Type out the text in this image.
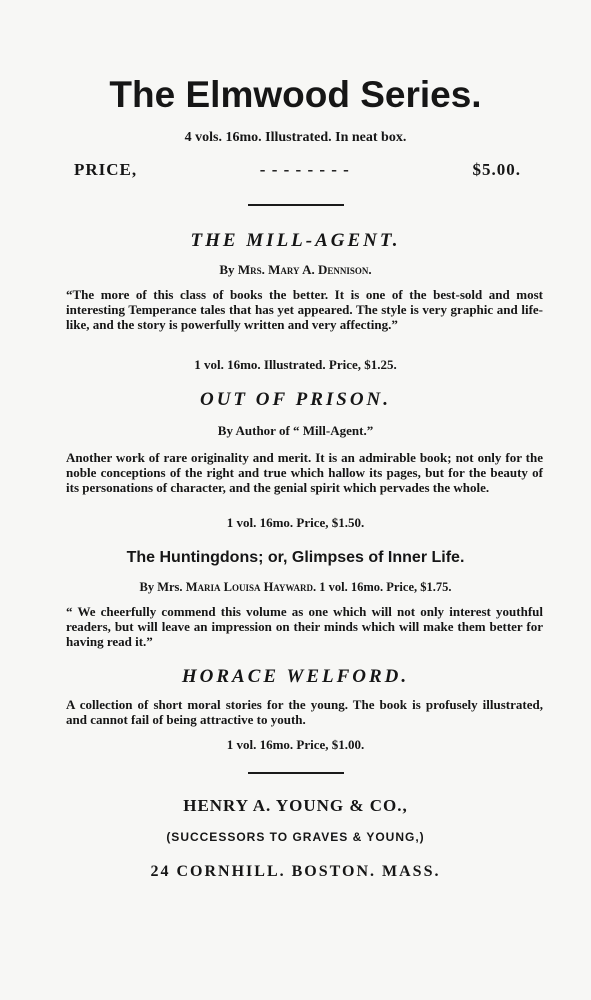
The Elmwood Series.
4 vols. 16mo. Illustrated. In neat box.
PRICE,	- - - - - - - -	$5.00.
THE MILL-AGENT.
By Mrs. Mary A. Dennison.
“The more of this class of books the better. It is one of the best-sold and most interesting Temperance tales that has yet appeared. The style is very graphic and life-like, and the story is powerfully written and very affecting.”
1 vol. 16mo. Illustrated. Price, $1.25.
OUT OF PRISON.
By Author of “ Mill-Agent.”
Another work of rare originality and merit. It is an admirable book; not only for the noble conceptions of the right and true which hallow its pages, but for the beauty of its personations of character, and the genial spirit which pervades the whole.
1 vol. 16mo. Price, $1.50.
The Huntingdons; or, Glimpses of Inner Life.
By Mrs. Maria Louisa Hayward. 1 vol. 16mo. Price, $1.75.
“ We cheerfully commend this volume as one which will not only interest youthful readers, but will leave an impression on their minds which will make them better for having read it.”
HORACE WELFORD.
A collection of short moral stories for the young. The book is profusely illustrated, and cannot fail of being attractive to youth.
1 vol. 16mo. Price, $1.00.
HENRY A. YOUNG & CO.,
(SUCCESSORS TO GRAVES & YOUNG,)
24 CORNHILL. BOSTON. MASS.
